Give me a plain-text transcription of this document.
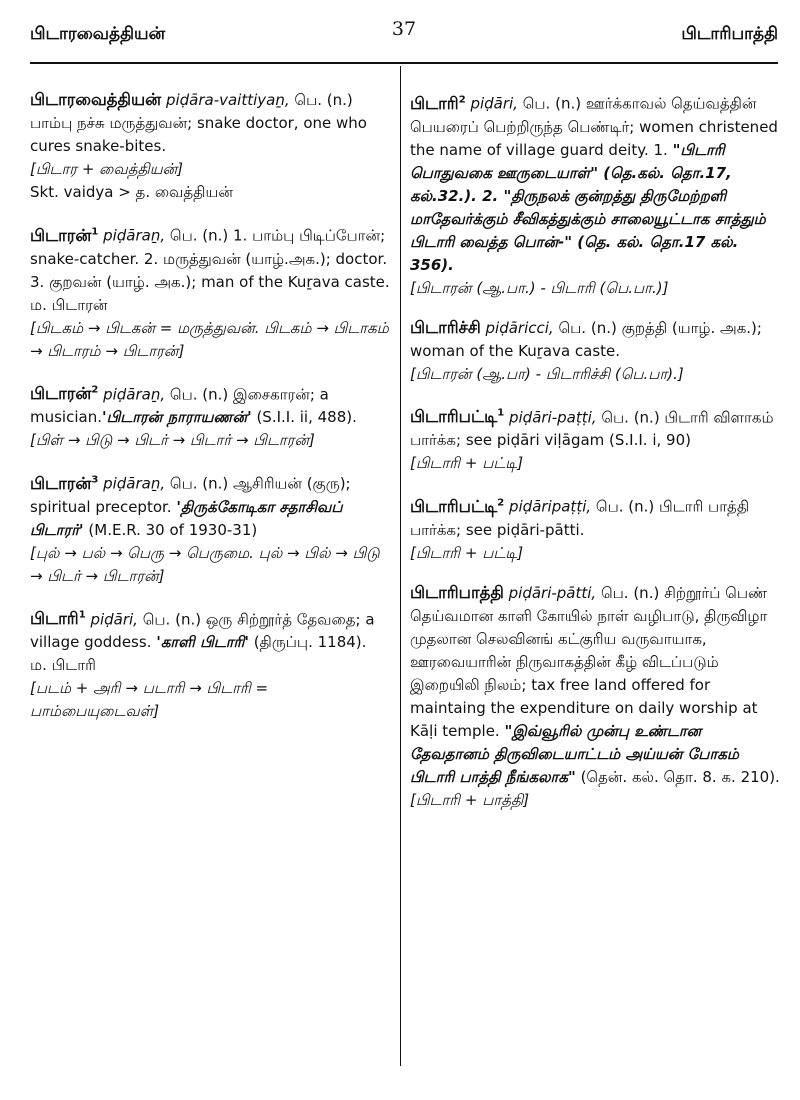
பிடாரவைத்தியன்	37	பிடாரிபாத்தி

பிடாரவைத்தியன் piḍāra-vaittiyaṉ, பெ. (n.) பாம்பு நச்சு மருத்துவன்; snake doctor, one who cures snake-bites.

[பிடார + வைத்தியன்]

Skt. vaidya > த. வைத்தியன்

பிடாரன்$^1$ piḍāraṉ, பெ. (n.) 1. பாம்பு பிடிப்போன்; snake-catcher. 2. மருத்துவன் (யாழ்.அக.); doctor. 3. குறவன் (யாழ். அக.); man of the Kuṟava caste.

ம. பிடாரன்

[பிடகம் → பிடகன் = மருத்துவன். பிடகம் → பிடாகம் → பிடாரம் → பிடாரன்]

பிடாரன்$^2$ piḍāraṉ, பெ. (n.) இசைகாரன்; a musician.'பிடாரன் நாராயணன்' (S.I.I. ii, 488).

[பிள் → பிடு → பிடர் → பிடார் → பிடாரன்]

பிடாரன்$^3$ piḍāraṉ, பெ. (n.) ஆசிரியன் (குரு); spiritual preceptor. 'திருக்கோடிகா சதாசிவப் பிடாரர்' (M.E.R. 30 of 1930-31)

[புல் → பல் → பெரு → பெருமை. புல் → பில் → பிடு → பிடர் → பிடாரன்]

பிடாரி$^1$ piḍāri, பெ. (n.) ஒரு சிற்றூர்த் தேவதை; a village goddess. 'காளி பிடாரி' (திருப்பு. 1184).

ம. பிடாரி

[படம் + அரி → படாரி → பிடாரி = பாம்பையுடைவள்]

பிடாரி$^2$ piḍāri, பெ. (n.) ஊர்க்காவல் தெய்வத்தின் பெயரைப் பெற்றிருந்த பெண்டிர்; women christened the name of village guard deity. 1. "பிடாரி பொதுவகை ஊருடையாள்" (தெ.கல். தொ.17, கல்.32.). 2. "திருநலக் குன்றத்து திருமேற்றளி மாதேவர்க்கும் சீவிகத்துக்கும் சாலையூட்டாக சாத்தும் பிடாரி வைத்த பொன்-" (தெ. கல். தொ.17 கல். 356).

[பிடாரன் (ஆ.பா.) - பிடாரி (பெ.பா.)]

பிடாரிச்சி piḍāricci, பெ. (n.) குறத்தி (யாழ். அக.); woman of the Kuṟava caste.

[பிடாரன் (ஆ.பா) - பிடாரிச்சி (பெ.பா).]

பிடாரிபட்டி$^1$ piḍāri-paṭṭi, பெ. (n.) பிடாரி விளாகம் பார்க்க; see piḍāri viḷāgam (S.I.I. i, 90)

[பிடாரி + பட்டி]

பிடாரிபட்டி$^2$ piḍāripaṭṭi, பெ. (n.) பிடாரி பாத்தி பார்க்க; see piḍāri-pātti.

[பிடாரி + பட்டி]

பிடாரிபாத்தி piḍāri-pātti, பெ. (n.) சிற்றூர்ப் பெண் தெய்வமான காளி கோயில் நாள் வழிபாடு, திருவிழா முதலான செலவினங் கட்குரிய வருவாயாக, ஊரவையாரின் நிருவாகத்தின் கீழ் விடப்படும் இறையிலி நிலம்; tax free land offered for maintaing the expenditure on daily worship at Kāḷi temple. "இவ்வூரில் முன்பு உண்டான தேவதானம் திருவிடையாட்டம் அய்யன் போகம் பிடாரி பாத்தி நீங்கலாக" (தென். கல். தொ. 8. க. 210).

[பிடாரி + பாத்தி]
